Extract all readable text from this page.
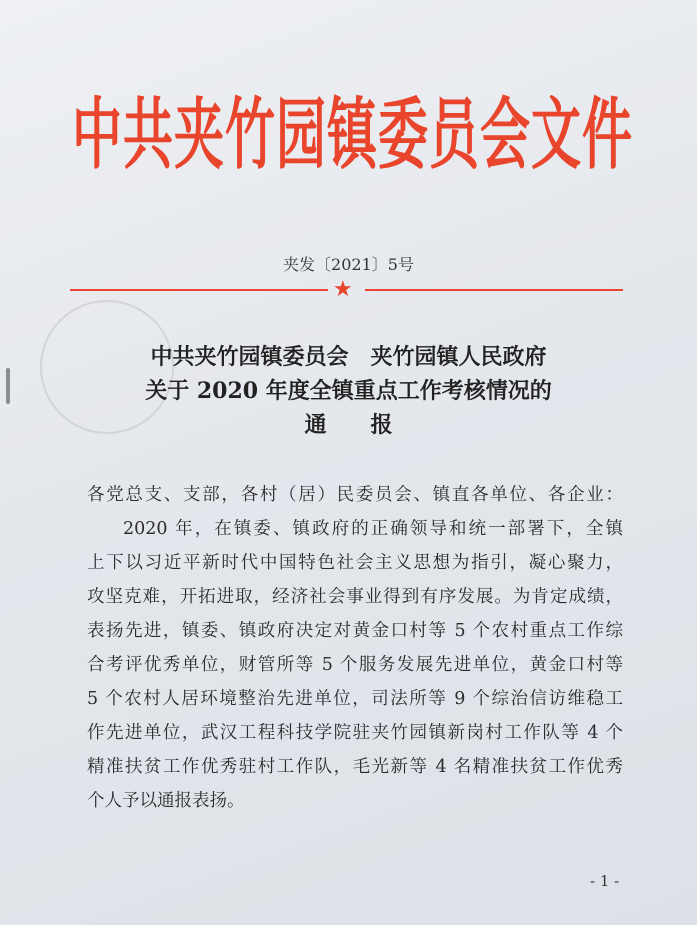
中共夹竹园镇委员会文件
夹发〔2021〕5号
★
中共夹竹园镇委员会　夹竹园镇人民政府
关于 2020 年度全镇重点工作考核情况的
通　　报
各党总支、支部，各村（居）民委员会、镇直各单位、各企业：
2020 年，在镇委、镇政府的正确领导和统一部署下，全镇
上下以习近平新时代中国特色社会主义思想为指引，凝心聚力，
攻坚克难，开拓进取，经济社会事业得到有序发展。为肯定成绩，
表扬先进，镇委、镇政府决定对黄金口村等 5 个农村重点工作综
合考评优秀单位，财管所等 5 个服务发展先进单位，黄金口村等
5 个农村人居环境整治先进单位，司法所等 9 个综治信访维稳工
作先进单位，武汉工程科技学院驻夹竹园镇新岗村工作队等 4 个
精准扶贫工作优秀驻村工作队，毛光新等 4 名精准扶贫工作优秀
个人予以通报表扬。
- 1 -
